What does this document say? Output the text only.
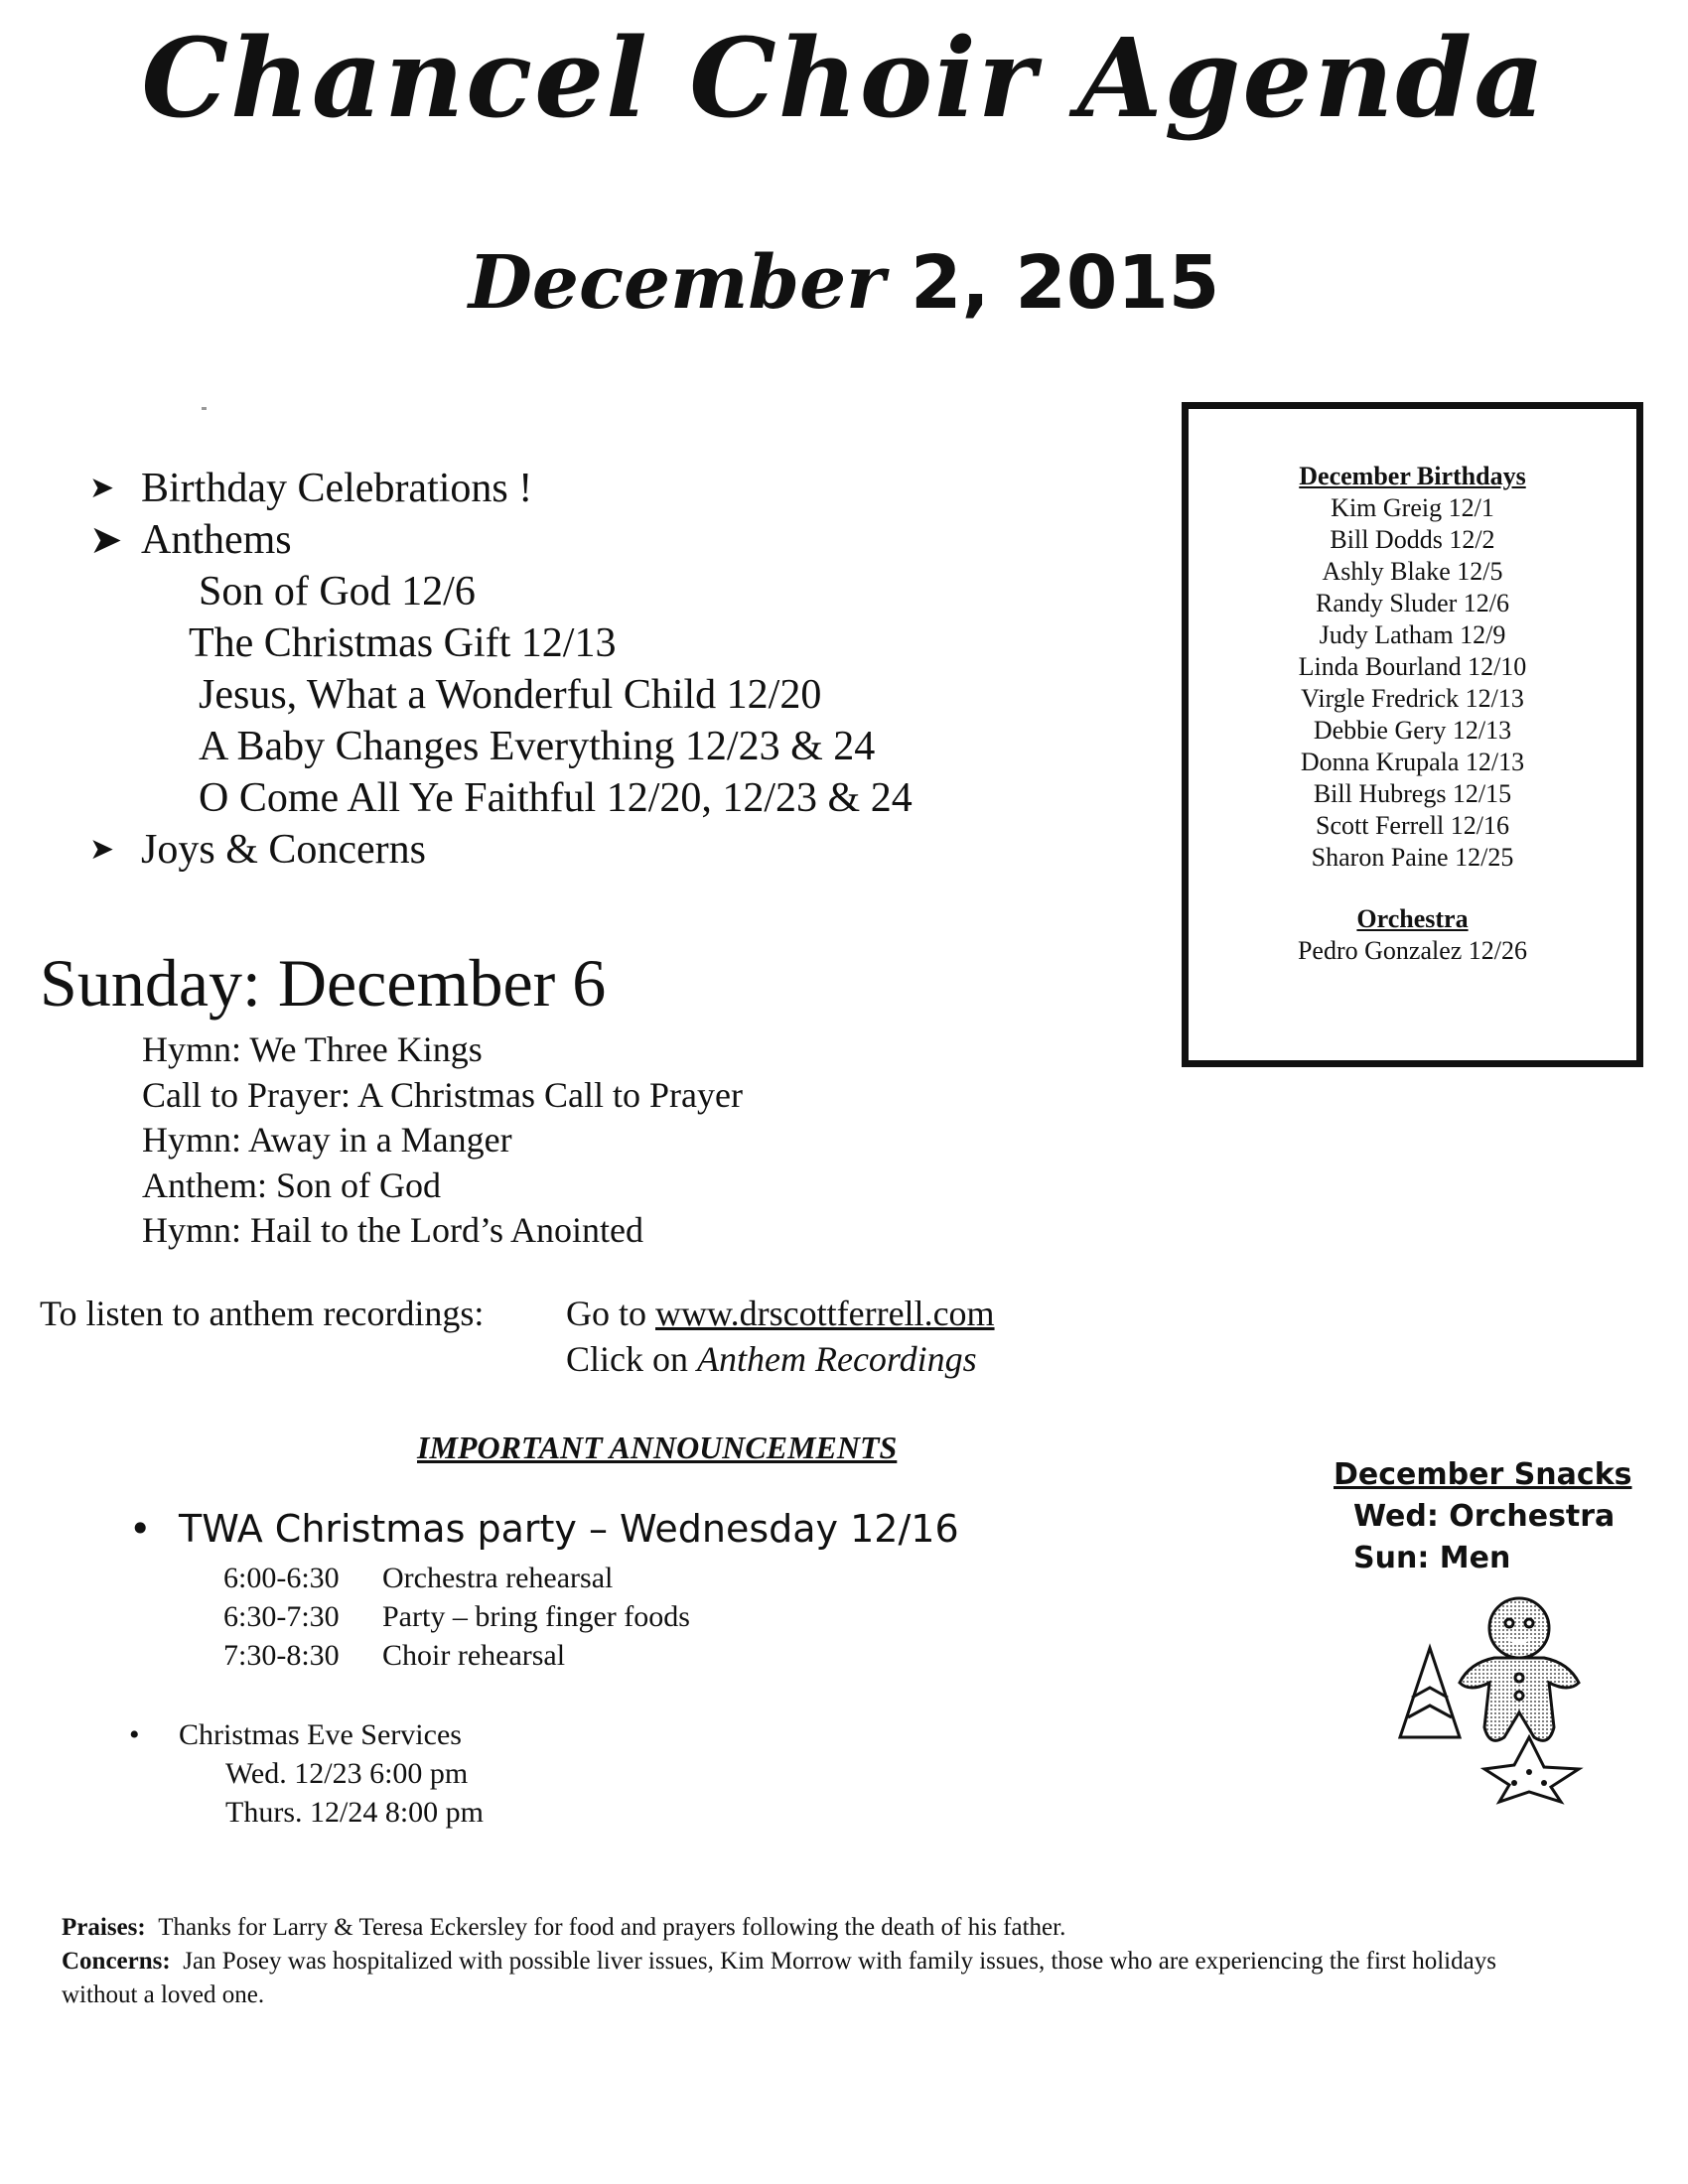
Chancel Choir Agenda
December 2, 2015
➤ Birthday Celebrations !
➤ Anthems
Son of God 12/6
The Christmas Gift 12/13
Jesus, What a Wonderful Child 12/20
A Baby Changes Everything 12/23 & 24
O Come All Ye Faithful 12/20, 12/23 & 24
➤ Joys & Concerns
December Birthdays
Kim Greig 12/1
Bill Dodds 12/2
Ashly Blake 12/5
Randy Sluder 12/6
Judy Latham 12/9
Linda Bourland 12/10
Virgle Fredrick 12/13
Debbie Gery 12/13
Donna Krupala 12/13
Bill Hubregs 12/15
Scott Ferrell 12/16
Sharon Paine 12/25
Orchestra
Pedro Gonzalez 12/26
Sunday: December 6
Hymn: We Three Kings
Call to Prayer: A Christmas Call to Prayer
Hymn: Away in a Manger
Anthem: Son of God
Hymn: Hail to the Lord’s Anointed
To listen to anthem recordings: Go to www.drscottferrell.com
Click on Anthem Recordings
IMPORTANT ANNOUNCEMENTS
• TWA Christmas party – Wednesday 12/16
6:00-6:30 Orchestra rehearsal
6:30-7:30 Party – bring finger foods
7:30-8:30 Choir rehearsal
• Christmas Eve Services
Wed. 12/23 6:00 pm
Thurs. 12/24 8:00 pm
December Snacks
Wed: Orchestra
Sun: Men
Praises: Thanks for Larry & Teresa Eckersley for food and prayers following the death of his father.
Concerns: Jan Posey was hospitalized with possible liver issues, Kim Morrow with family issues, those who are experiencing the first holidays without a loved one.
